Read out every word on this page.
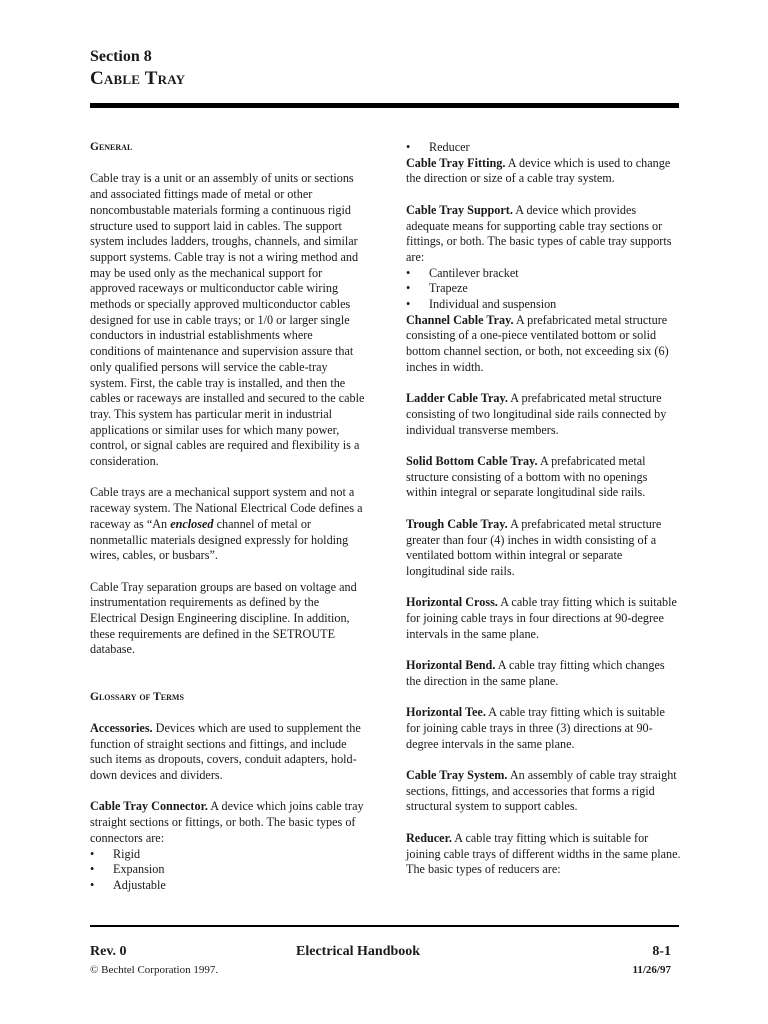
Section 8
Cable Tray
General

Cable tray is a unit or an assembly of units or sections and associated fittings made of metal or other noncombustable materials forming a continuous rigid structure used to support laid in cables. The support system includes ladders, troughs, channels, and similar support systems. Cable tray is not a wiring method and may be used only as the mechanical support for approved raceways or multiconductor cable wiring methods or specially approved multiconductor cables designed for use in cable trays; or 1/0 or larger single conductors in industrial establishments where conditions of maintenance and supervision assure that only qualified persons will service the cable-tray system. First, the cable tray is installed, and then the cables or raceways are installed and secured to the cable tray. This system has particular merit in industrial applications or similar uses for which many power, control, or signal cables are required and flexibility is a consideration.

Cable trays are a mechanical support system and not a raceway system. The National Electrical Code defines a raceway as “An enclosed channel of metal or nonmetallic materials designed expressly for holding wires, cables, or busbars”.

Cable Tray separation groups are based on voltage and instrumentation requirements as defined by the Electrical Design Engineering discipline. In addition, these requirements are defined in the SETROUTE database.

Glossary of Terms

Accessories. Devices which are used to supplement the function of straight sections and fittings, and include such items as dropouts, covers, conduit adapters, hold-down devices and dividers.

Cable Tray Connector. A device which joins cable tray straight sections or fittings, or both. The basic types of connectors are:
• Rigid
• Expansion
• Adjustable
• Reducer

Cable Tray Fitting. A device which is used to change the direction or size of a cable tray system.

Cable Tray Support. A device which provides adequate means for supporting cable tray sections or fittings, or both. The basic types of cable tray supports are:
• Cantilever bracket
• Trapeze
• Individual and suspension

Channel Cable Tray. A prefabricated metal structure consisting of a one-piece ventilated bottom or solid bottom channel section, or both, not exceeding six (6) inches in width.

Ladder Cable Tray. A prefabricated metal structure consisting of two longitudinal side rails connected by individual transverse members.

Solid Bottom Cable Tray. A prefabricated metal structure consisting of a bottom with no openings within integral or separate longitudinal side rails.

Trough Cable Tray. A prefabricated metal structure greater than four (4) inches in width consisting of a ventilated bottom within integral or separate longitudinal side rails.

Horizontal Cross. A cable tray fitting which is suitable for joining cable trays in four directions at 90-degree intervals in the same plane.

Horizontal Bend. A cable tray fitting which changes the direction in the same plane.

Horizontal Tee. A cable tray fitting which is suitable for joining cable trays in three (3) directions at 90-degree intervals in the same plane.

Cable Tray System. An assembly of cable tray straight sections, fittings, and accessories that forms a rigid structural system to support cables.

Reducer. A cable tray fitting which is suitable for joining cable trays of different widths in the same plane. The basic types of reducers are:

Rev. 0	Electrical Handbook	8-1
© Bechtel Corporation 1997.	11/26/97
